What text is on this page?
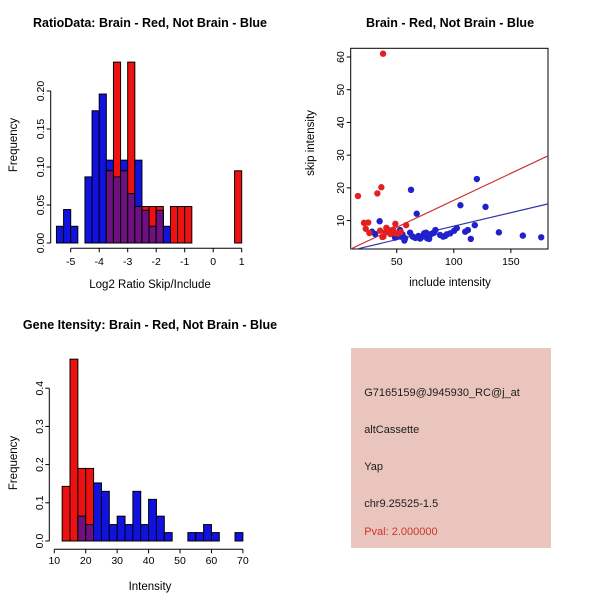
RatioData: Brain - Red, Not Brain - Blue
-5 -4 -3 -2 -1 0 1
0.00
0.05
0.10
0.15
0.20
Log2 Ratio Skip/Include
Frequency
Brain - Red, Not Brain - Blue
50	100	150
10
20
30
40
50
60
include intensity
skip intensity
Gene Itensity: Brain - Red, Not Brain - Blue
10 20 30 40 50 60 70
0.0
0.1
0.2
0.3
0.4
Intensity
Frequency
G7165159@J945930_RC@j_at
altCassette
Yap
chr9.25525-1.5
Pval: 2.000000
